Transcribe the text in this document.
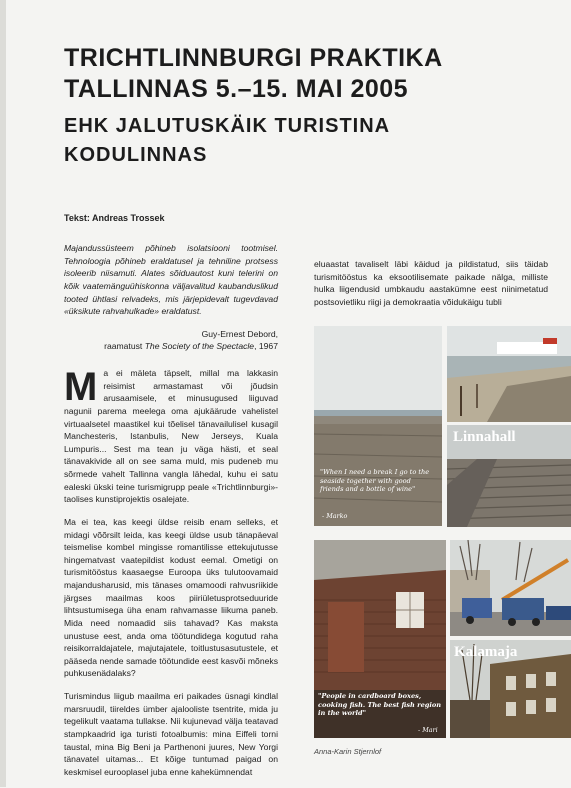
TRICHTLINNBURGI PRAKTIKA
TALLINNAS 5.–15. MAI 2005
EHK JALUTUSKÄIK TURISTINA KODULINNAS
Tekst: Andreas Trossek

Majandussüsteem põhineb isolatsiooni tootmisel. Tehnoloogia põhineb eraldatusel ja tehniline protsess isoleerib niisamuti. Alates sõiduautost kuni telerini on kõik vaatemänguühiskonna väljavalitud kaubanduslikud tooted ühtlasi relvadeks, mis järjepidevalt tugevdavad «üksikute rahvahulkade» eraldatust.

Guy-Ernest Debord,
raamatust The Society of the Spectacle, 1967

Ma ei mäleta täpselt, millal ma lakkasin reisimist armastamast või jõudsin arusaamisele, et minusugused liiguvad nagunii parema meelega oma ajukäärude vahelistel virtuaalsetel maastikel kui tõelisel tänavailulisel kusagil Manchesteris, Istanbulis, New Jerseys, Kuala Lumpuris... Sest ma tean ju väga hästi, et seal tänavakivide all on see sama muld, mis pudeneb mu sõrmede vahelt Tallinna vangla lähedal, kuhu ei satu ealeski ükski teine turismigrupp peale «Trichtlinnburgi»-taolises kunstiprojektis osalejate.

Ma ei tea, kas keegi üldse reisib enam selleks, et midagi võõrsilt leida, kas keegi üldse usub tänapäeval teismelise kombel mingisse romantilisse ettekujutusse hingematvast vaatepildist kodust eemal. Ometigi on turismitööstus kaasaegse Euroopa üks tulutoovamaid majandusharusid, mis tänases omamoodi rahvusriikide järgses maailmas koos piiriületusprotseduuride lihtsustumisega üha enam rahvamasse liikuma paneb. Mida need nomaadid siis tahavad? Kas maksta unustuse eest, anda oma töötundidega kogutud raha reisikorraldajatele, majutajatele, toitlustusasutustele, et pääseda nende samade töötundide eest kasvõi mõneks puhkusenädalaks?

Turismindus liigub maailma eri paikades üsnagi kindlal marsruudil, tiireldes ümber ajalooliste tsentrite, mida ju tegelikult vaatama tullakse. Nii kujunevad välja teatavad stampkaadrid iga turisti fotoalbumis: mina Eiffeli torni taustal, mina Big Beni ja Parthenoni juures, New Yorgi tänavatel uitamas... Et kõige tuntumad paigad on keskmisel eurooplasel juba enne kahekümnendat

eluaastat tavaliselt läbi käidud ja pildistatud, siis täidab turismitööstus ka eksootilisemate paikade nälga, milliste hulka liigendusid umbkaudu aastakümne eest niinimetatud postsovietliku riigi ja demokraatia võidukäigu tubli

"When I need a break I go to the seaside together with good friends and a bottle of wine"
- Marko
Linnahall
"People in cardboard boxes, cooking fish. The best fish region in the world"
- Mari
Kalamaja
Anna-Karin Stjernlof
